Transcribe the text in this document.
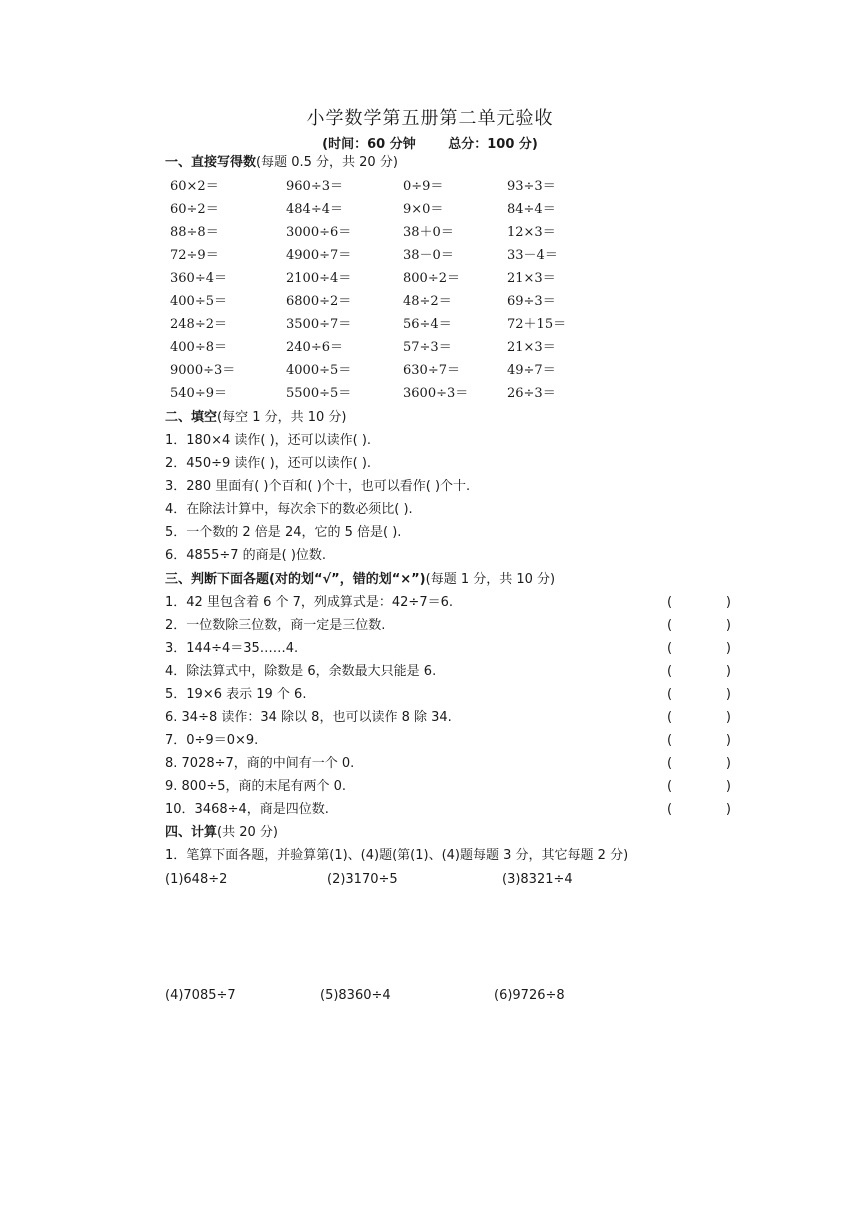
小学数学第五册第二单元验收
(时间：60 分钟	总分：100 分)
一、直接写得数(每题 0.5 分，共 20 分)
60×2＝	960÷3＝	0÷9＝	93÷3＝
60÷2＝	484÷4＝	9×0＝	84÷4＝
88÷8＝	3000÷6＝	38＋0＝	12×3＝
72÷9＝	4900÷7＝	38－0＝	33－4＝
360÷4＝	2100÷4＝	800÷2＝	21×3＝
400÷5＝	6800÷2＝	48÷2＝	69÷3＝
248÷2＝	3500÷7＝	56÷4＝	72＋15＝
400÷8＝	240÷6＝	57÷3＝	21×3＝
9000÷3＝	4000÷5＝	630÷7＝	49÷7＝
540÷9＝	5500÷5＝	3600÷3＝	26÷3＝
二、填空(每空 1 分，共 10 分)
1．180×4 读作( )，还可以读作( ).
2．450÷9 读作( )，还可以读作( ).
3．280 里面有( )个百和( )个十，也可以看作( )个十.
4．在除法计算中，每次余下的数必须比( ).
5．一个数的 2 倍是 24，它的 5 倍是( ).
6．4855÷7 的商是( )位数.
三、判断下面各题(对的划“√”，错的划“×”)(每题 1 分，共 10 分)
1．42 里包含着 6 个 7，列成算式是：42÷7＝6.	(	)
2．一位数除三位数，商一定是三位数.	(	)
3．144÷4＝35……4.	(	)
4．除法算式中，除数是 6，余数最大只能是 6.	(	)
5．19×6 表示 19 个 6.	(	)
6. 34÷8 读作：34 除以 8，也可以读作 8 除 34.	(	)
7．0÷9＝0×9.	(	)
8. 7028÷7，商的中间有一个 0.	(	)
9. 800÷5，商的末尾有两个 0.	(	)
10．3468÷4，商是四位数.	(	)
四、计算(共 20 分)
1．笔算下面各题，并验算第(1)、(4)题(第(1)、(4)题每题 3 分，其它每题 2 分)
(1)648÷2	(2)3170÷5	(3)8321÷4
(4)7085÷7	(5)8360÷4	(6)9726÷8
